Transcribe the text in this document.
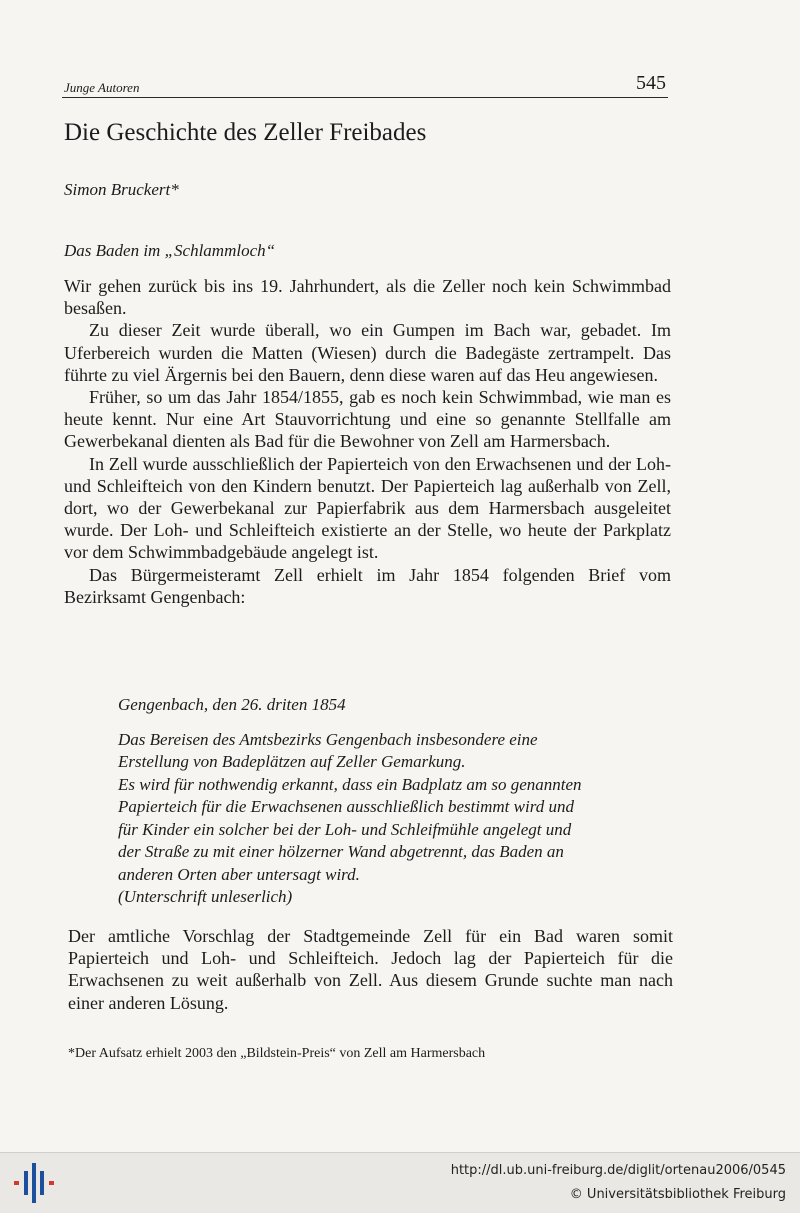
Junge Autoren	545
Die Geschichte des Zeller Freibades
Simon Bruckert*
Das Baden im „Schlammloch“

Wir gehen zurück bis ins 19. Jahrhundert, als die Zeller noch kein Schwimmbad besaßen.

Zu dieser Zeit wurde überall, wo ein Gumpen im Bach war, gebadet. Im Uferbereich wurden die Matten (Wiesen) durch die Badegäste zertrampelt. Das führte zu viel Ärgernis bei den Bauern, denn diese waren auf das Heu angewiesen.

Früher, so um das Jahr 1854/1855, gab es noch kein Schwimmbad, wie man es heute kennt. Nur eine Art Stauvorrichtung und eine so genannte Stellfalle am Gewerbekanal dienten als Bad für die Bewohner von Zell am Harmersbach.

In Zell wurde ausschließlich der Papierteich von den Erwachsenen und der Loh- und Schleifteich von den Kindern benutzt. Der Papierteich lag außerhalb von Zell, dort, wo der Gewerbekanal zur Papierfabrik aus dem Harmersbach ausgeleitet wurde. Der Loh- und Schleifteich existierte an der Stelle, wo heute der Parkplatz vor dem Schwimmbadgebäude angelegt ist.

Das Bürgermeisteramt Zell erhielt im Jahr 1854 folgenden Brief vom Bezirksamt Gengenbach:

Gengenbach, den 26. driten 1854

Das Bereisen des Amtsbezirks Gengenbach insbesondere eine

Erstellung von Badeplätzen auf Zeller Gemarkung.

Es wird für nothwendig erkannt, dass ein Badplatz am so genannten

Papierteich für die Erwachsenen ausschließlich bestimmt wird und

für Kinder ein solcher bei der Loh- und Schleifmühle angelegt und

der Straße zu mit einer hölzerner Wand abgetrennt, das Baden an

anderen Orten aber untersagt wird.

(Unterschrift unleserlich)

Der amtliche Vorschlag der Stadtgemeinde Zell für ein Bad waren somit Papierteich und Loh- und Schleifteich. Jedoch lag der Papierteich für die Erwachsenen zu weit außerhalb von Zell. Aus diesem Grunde suchte man nach einer anderen Lösung.

*Der Aufsatz erhielt 2003 den „Bildstein-Preis“ von Zell am Harmersbach
http://dl.ub.uni-freiburg.de/diglit/ortenau2006/0545
© Universitätsbibliothek Freiburg
